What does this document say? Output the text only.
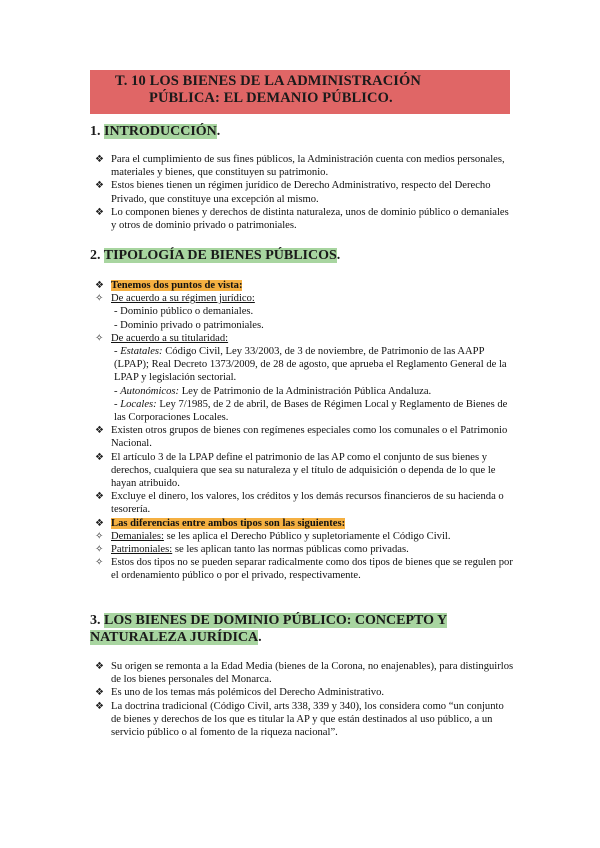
T. 10 LOS BIENES DE LA ADMINISTRACIÓN
PÚBLICA: EL DEMANIO PÚBLICO.
1. INTRODUCCIÓN.
❖ Para el cumplimiento de sus fines públicos, la Administración cuenta con medios personales, materiales y bienes, que constituyen su patrimonio.
❖ Estos bienes tienen un régimen jurídico de Derecho Administrativo, respecto del Derecho Privado, que constituye una excepción al mismo.
❖ Lo componen bienes y derechos de distinta naturaleza, unos de dominio público o demaniales y otros de dominio privado o patrimoniales.
2. TIPOLOGÍA DE BIENES PÚBLICOS.
❖ Tenemos dos puntos de vista:
✧ De acuerdo a su régimen jurídico:
- Dominio público o demaniales.
- Dominio privado o patrimoniales.
✧ De acuerdo a su titularidad:
- Estatales: Código Civil, Ley 33/2003, de 3 de noviembre, de Patrimonio de las AAPP (LPAP); Real Decreto 1373/2009, de 28 de agosto, que aprueba el Reglamento General de la LPAP y legislación sectorial.
- Autonómicos: Ley de Patrimonio de la Administración Pública Andaluza.
- Locales: Ley 7/1985, de 2 de abril, de Bases de Régimen Local y Reglamento de Bienes de las Corporaciones Locales.
❖ Existen otros grupos de bienes con regímenes especiales como los comunales o el Patrimonio Nacional.
❖ El artículo 3 de la LPAP define el patrimonio de las AP como el conjunto de sus bienes y derechos, cualquiera que sea su naturaleza y el título de adquisición o dependa de lo que le hayan atribuido.
❖ Excluye el dinero, los valores, los créditos y los demás recursos financieros de su hacienda o tesorería.
❖ Las diferencias entre ambos tipos son las siguientes:
✧ Demaniales: se les aplica el Derecho Público y supletoriamente el Código Civil.
✧ Patrimoniales: se les aplican tanto las normas públicas como privadas.
✧ Estos dos tipos no se pueden separar radicalmente como dos tipos de bienes que se regulen por el ordenamiento público o por el privado, respectivamente.
3. LOS BIENES DE DOMINIO PÚBLICO: CONCEPTO Y
NATURALEZA JURÍDICA.
❖ Su origen se remonta a la Edad Media (bienes de la Corona, no enajenables), para distinguirlos de los bienes personales del Monarca.
❖ Es uno de los temas más polémicos del Derecho Administrativo.
❖ La doctrina tradicional (Código Civil, arts 338, 339 y 340), los considera como “un conjunto de bienes y derechos de los que es titular la AP y que están destinados al uso público, a un servicio público o al fomento de la riqueza nacional”.
